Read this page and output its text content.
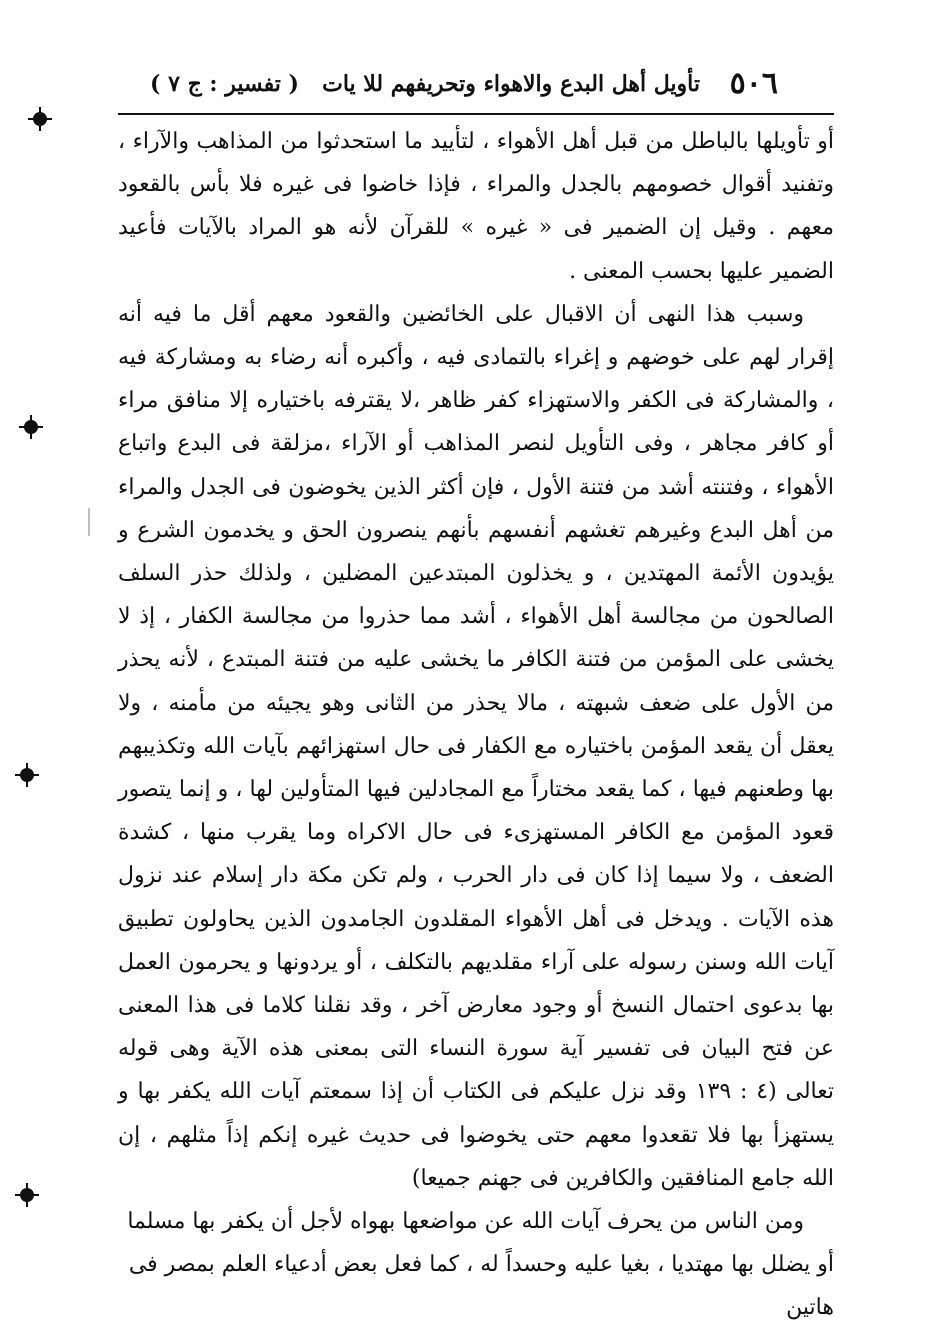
٥٠٦
تأويل أهل البدع والاهواء وتحريفهم للا يات
( تفسير : ج ٧ )

أو تأويلها بالباطل من قبل أهل الأهواء ، لتأييد ما استحدثوا من المذاهب والآراء ، وتفنيد أقوال خصومهم بالجدل والمراء ، فإذا خاضوا فى غيره فلا بأس بالقعود معهم . وقيل إن الضمير فى « غيره » للقرآن لأنه هو المراد بالآيات فأعيد الضمير عليها بحسب المعنى .

وسبب هذا النهى أن الاقبال على الخائضين والقعود معهم أقل ما فيه أنه إقرار لهم على خوضهم و إغراء بالتمادى فيه ، وأكبره أنه رضاء به ومشاركة فيه ، والمشاركة فى الكفر والاستهزاء كفر ظاهر ،لا يقترفه باختياره إلا منافق مراء أو كافر مجاهر ، وفى التأويل لنصر المذاهب أو الآراء ،مزلقة فى البدع واتباع الأهواء ، وفتنته أشد من فتنة الأول ، فإن أكثر الذين يخوضون فى الجدل والمراء من أهل البدع وغيرهم تغشهم أنفسهم بأنهم ينصرون الحق و يخدمون الشرع و يؤيدون الأئمة المهتدين ، و يخذلون المبتدعين المضلين ، ولذلك حذر السلف الصالحون من مجالسة أهل الأهواء ، أشد مما حذروا من مجالسة الكفار ، إذ لا يخشى على المؤمن من فتنة الكافر ما يخشى عليه من فتنة المبتدع ، لأنه يحذر من الأول على ضعف شبهته ، مالا يحذر من الثانى وهو يجيئه من مأمنه ، ولا يعقل أن يقعد المؤمن باختياره مع الكفار فى حال استهزائهم بآيات الله وتكذيبهم بها وطعنهم فيها ، كما يقعد مختاراً مع المجادلين فيها المتأولين لها ، و إنما يتصور قعود المؤمن مع الكافر المستهزىء فى حال الاكراه وما يقرب منها ، كشدة الضعف ، ولا سيما إذا كان فى دار الحرب ، ولم تكن مكة دار إسلام عند نزول هذه الآيات . ويدخل فى أهل الأهواء المقلدون الجامدون الذين يحاولون تطبيق آيات الله وسنن رسوله على آراء مقلديهم بالتكلف ، أو يردونها و يحرمون العمل بها بدعوى احتمال النسخ أو وجود معارض آخر ، وقد نقلنا كلاما فى هذا المعنى عن فتح البيان فى تفسير آية سورة النساء التى بمعنى هذه الآية وهى قوله تعالى (٤ : ١٣٩ وقد نزل عليكم فى الكتاب أن إذا سمعتم آيات الله يكفر بها و يستهزأ بها فلا تقعدوا معهم حتى يخوضوا فى حديث غيره إنكم إذاً مثلهم ، إن الله جامع المنافقين والكافرين فى جهنم جميعا)

ومن الناس من يحرف آيات الله عن مواضعها بهواه لأجل أن يكفر بها مسلما أو يضلل بها مهتديا ، بغيا عليه وحسداً له ، كما فعل بعض أدعياء العلم بمصر فى هاتين
